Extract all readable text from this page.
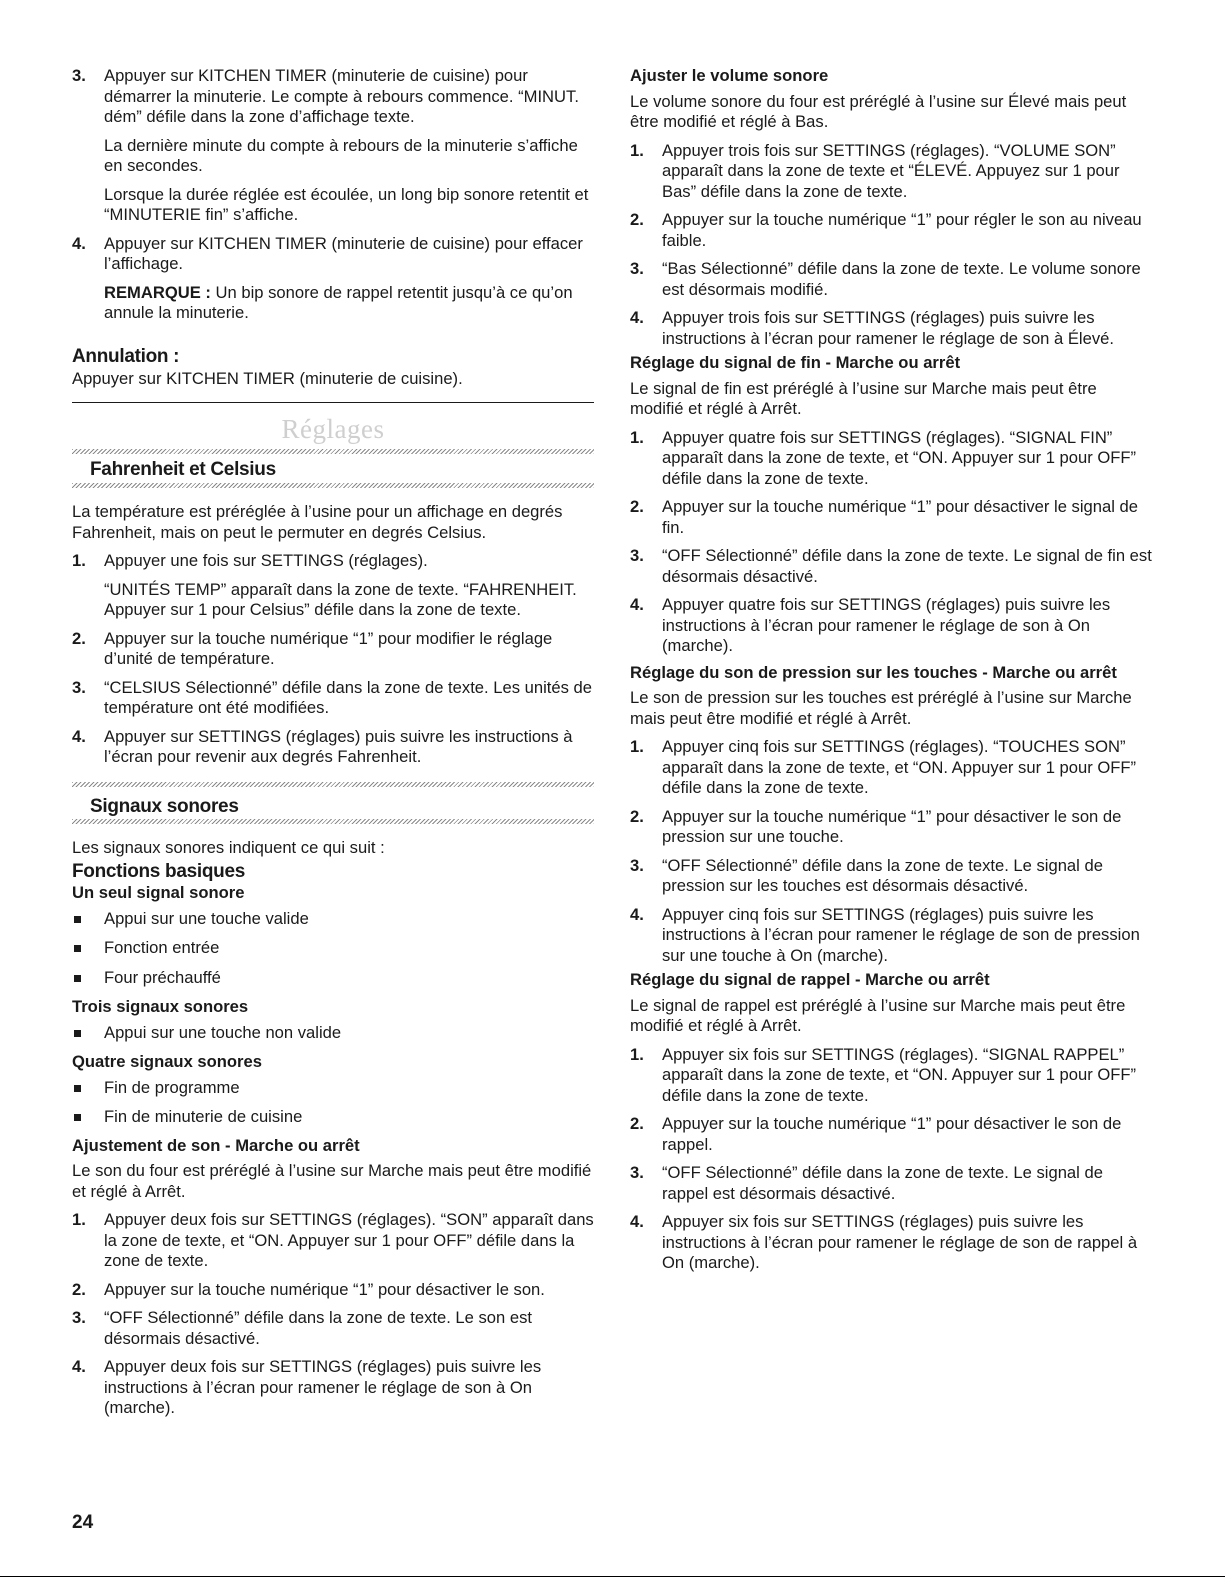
3. Appuyer sur KITCHEN TIMER (minuterie de cuisine) pour démarrer la minuterie. Le compte à rebours commence. “MINUT. dém” défile dans la zone d’affichage texte.

La dernière minute du compte à rebours de la minuterie s’affiche en secondes.

Lorsque la durée réglée est écoulée, un long bip sonore retentit et “MINUTERIE fin” s’affiche.

4. Appuyer sur KITCHEN TIMER (minuterie de cuisine) pour effacer l’affichage.

REMARQUE : Un bip sonore de rappel retentit jusqu’à ce qu’on annule la minuterie.

Annulation :

Appuyer sur KITCHEN TIMER (minuterie de cuisine).

Réglages

Fahrenheit et Celsius

La température est préréglée à l’usine pour un affichage en degrés Fahrenheit, mais on peut le permuter en degrés Celsius.

1. Appuyer une fois sur SETTINGS (réglages).

“UNITÉS TEMP” apparaît dans la zone de texte. “FAHRENHEIT. Appuyer sur 1 pour Celsius” défile dans la zone de texte.

2. Appuyer sur la touche numérique “1” pour modifier le réglage d’unité de température.

3. “CELSIUS Sélectionné” défile dans la zone de texte. Les unités de température ont été modifiées.

4. Appuyer sur SETTINGS (réglages) puis suivre les instructions à l’écran pour revenir aux degrés Fahrenheit.

Signaux sonores

Les signaux sonores indiquent ce qui suit :

Fonctions basiques

Un seul signal sonore

Appui sur une touche valide
Fonction entrée
Four préchauffé

Trois signaux sonores

Appui sur une touche non valide

Quatre signaux sonores

Fin de programme
Fin de minuterie de cuisine

Ajustement de son - Marche ou arrêt

Le son du four est préréglé à l’usine sur Marche mais peut être modifié et réglé à Arrêt.

1. Appuyer deux fois sur SETTINGS (réglages). “SON” apparaît dans la zone de texte, et “ON. Appuyer sur 1 pour OFF” défile dans la zone de texte.

2. Appuyer sur la touche numérique “1” pour désactiver le son.

3. “OFF Sélectionné” défile dans la zone de texte. Le son est désormais désactivé.

4. Appuyer deux fois sur SETTINGS (réglages) puis suivre les instructions à l’écran pour ramener le réglage de son à On (marche).

Ajuster le volume sonore

Le volume sonore du four est préréglé à l’usine sur Élevé mais peut être modifié et réglé à Bas.

1. Appuyer trois fois sur SETTINGS (réglages). “VOLUME SON” apparaît dans la zone de texte et “ÉLEVÉ. Appuyez sur 1 pour Bas” défile dans la zone de texte.

2. Appuyer sur la touche numérique “1” pour régler le son au niveau faible.

3. “Bas Sélectionné” défile dans la zone de texte. Le volume sonore est désormais modifié.

4. Appuyer trois fois sur SETTINGS (réglages) puis suivre les instructions à l’écran pour ramener le réglage de son à Élevé.

Réglage du signal de fin - Marche ou arrêt

Le signal de fin est préréglé à l’usine sur Marche mais peut être modifié et réglé à Arrêt.

1. Appuyer quatre fois sur SETTINGS (réglages). “SIGNAL FIN” apparaît dans la zone de texte, et “ON. Appuyer sur 1 pour OFF” défile dans la zone de texte.

2. Appuyer sur la touche numérique “1” pour désactiver le signal de fin.

3. “OFF Sélectionné” défile dans la zone de texte. Le signal de fin est désormais désactivé.

4. Appuyer quatre fois sur SETTINGS (réglages) puis suivre les instructions à l’écran pour ramener le réglage de son à On (marche).

Réglage du son de pression sur les touches - Marche ou arrêt

Le son de pression sur les touches est préréglé à l’usine sur Marche mais peut être modifié et réglé à Arrêt.

1. Appuyer cinq fois sur SETTINGS (réglages). “TOUCHES SON” apparaît dans la zone de texte, et “ON. Appuyer sur 1 pour OFF” défile dans la zone de texte.

2. Appuyer sur la touche numérique “1” pour désactiver le son de pression sur une touche.

3. “OFF Sélectionné” défile dans la zone de texte. Le signal de pression sur les touches est désormais désactivé.

4. Appuyer cinq fois sur SETTINGS (réglages) puis suivre les instructions à l’écran pour ramener le réglage de son de pression sur une touche à On (marche).

Réglage du signal de rappel - Marche ou arrêt

Le signal de rappel est préréglé à l’usine sur Marche mais peut être modifié et réglé à Arrêt.

1. Appuyer six fois sur SETTINGS (réglages). “SIGNAL RAPPEL” apparaît dans la zone de texte, et “ON. Appuyer sur 1 pour OFF” défile dans la zone de texte.

2. Appuyer sur la touche numérique “1” pour désactiver le son de rappel.

3. “OFF Sélectionné” défile dans la zone de texte. Le signal de rappel est désormais désactivé.

4. Appuyer six fois sur SETTINGS (réglages) puis suivre les instructions à l’écran pour ramener le réglage de son de rappel à On (marche).

24
